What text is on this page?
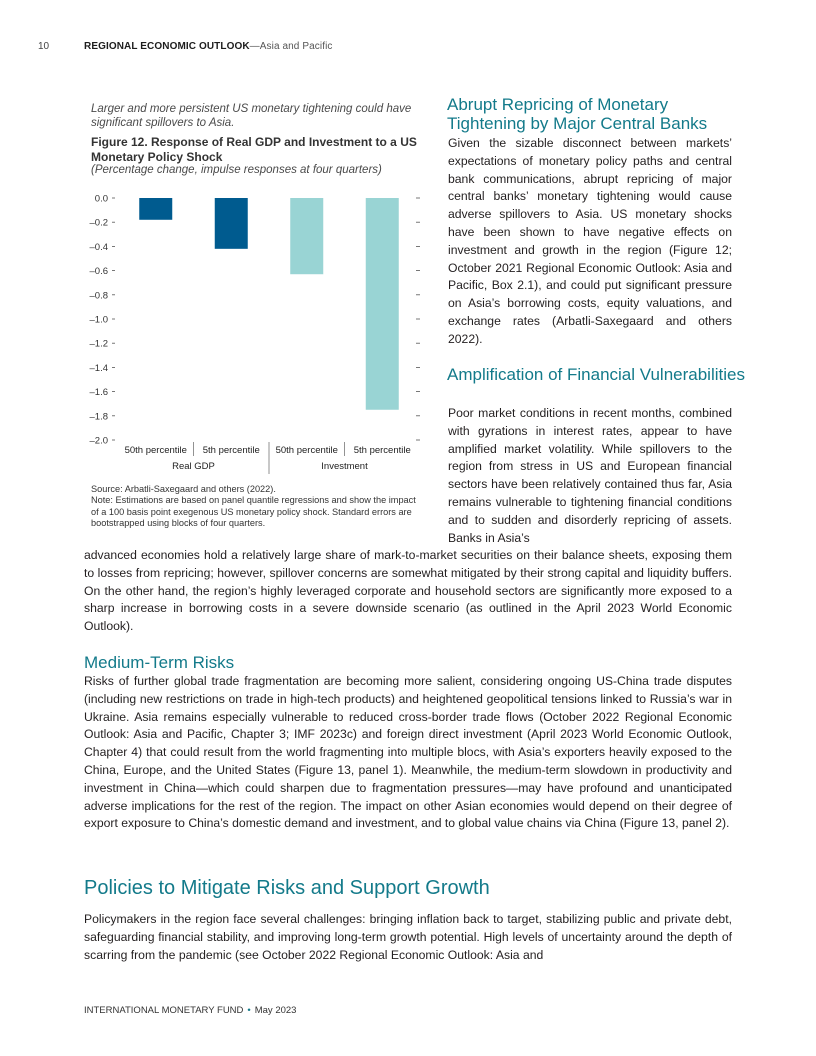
10	REGIONAL ECONOMIC OUTLOOK—Asia and Pacific
Larger and more persistent US monetary tightening could have significant spillovers to Asia.
Figure 12. Response of Real GDP and Investment to a US Monetary Policy Shock
(Percentage change, impulse responses at four quarters)
0.0
–0.2
–0.4
–0.6
–0.8
–1.0
–1.2
–1.4
–1.6
–1.8
–2.0
50th percentile 5th percentile 50th percentile 5th percentile
Real GDP	Investment
Source: Arbatli-Saxegaard and others (2022).
Note: Estimations are based on panel quantile regressions and show the impact of a 100 basis point exegenous US monetary policy shock. Standard errors are bootstrapped using blocks of four quarters.
Abrupt Repricing of Monetary Tightening by Major Central Banks
Given the sizable disconnect between markets’ expectations of monetary policy paths and central bank communications, abrupt repricing of major central banks’ monetary tightening would cause adverse spillovers to Asia. US monetary shocks have been shown to have negative effects on investment and growth in the region (Figure 12; October 2021 Regional Economic Outlook: Asia and Pacific, Box 2.1), and could put significant pressure on Asia’s borrowing costs, equity valuations, and exchange rates (Arbatli-Saxegaard and others 2022).
Amplification of Financial Vulnerabilities
Poor market conditions in recent months, combined with gyrations in interest rates, appear to have amplified market volatility. While spillovers to the region from stress in US and European financial sectors have been relatively contained thus far, Asia remains vulnerable to tightening financial conditions and to sudden and disorderly repricing of assets. Banks in Asia’s
advanced economies hold a relatively large share of mark-to-market securities on their balance sheets, exposing them to losses from repricing; however, spillover concerns are somewhat mitigated by their strong capital and liquidity buffers. On the other hand, the region’s highly leveraged corporate and household sectors are significantly more exposed to a sharp increase in borrowing costs in a severe downside scenario (as outlined in the April 2023 World Economic Outlook).
Medium-Term Risks
Risks of further global trade fragmentation are becoming more salient, considering ongoing US-China trade disputes (including new restrictions on trade in high-tech products) and heightened geopolitical tensions linked to Russia’s war in Ukraine. Asia remains especially vulnerable to reduced cross-border trade flows (October 2022 Regional Economic Outlook: Asia and Pacific, Chapter 3; IMF 2023c) and foreign direct investment (April 2023 World Economic Outlook, Chapter 4) that could result from the world fragmenting into multiple blocs, with Asia’s exporters heavily exposed to the China, Europe, and the United States (Figure 13, panel 1). Meanwhile, the medium-term slowdown in productivity and investment in China—which could sharpen due to fragmentation pressures—may have profound and unanticipated adverse implications for the rest of the region. The impact on other Asian economies would depend on their degree of export exposure to China’s domestic demand and investment, and to global value chains via China (Figure 13, panel 2).
Policies to Mitigate Risks and Support Growth
Policymakers in the region face several challenges: bringing inflation back to target, stabilizing public and private debt, safeguarding financial stability, and improving long-term growth potential. High levels of uncertainty around the depth of scarring from the pandemic (see October 2022 Regional Economic Outlook: Asia and
INTERNATIONAL MONETARY FUND • May 2023
